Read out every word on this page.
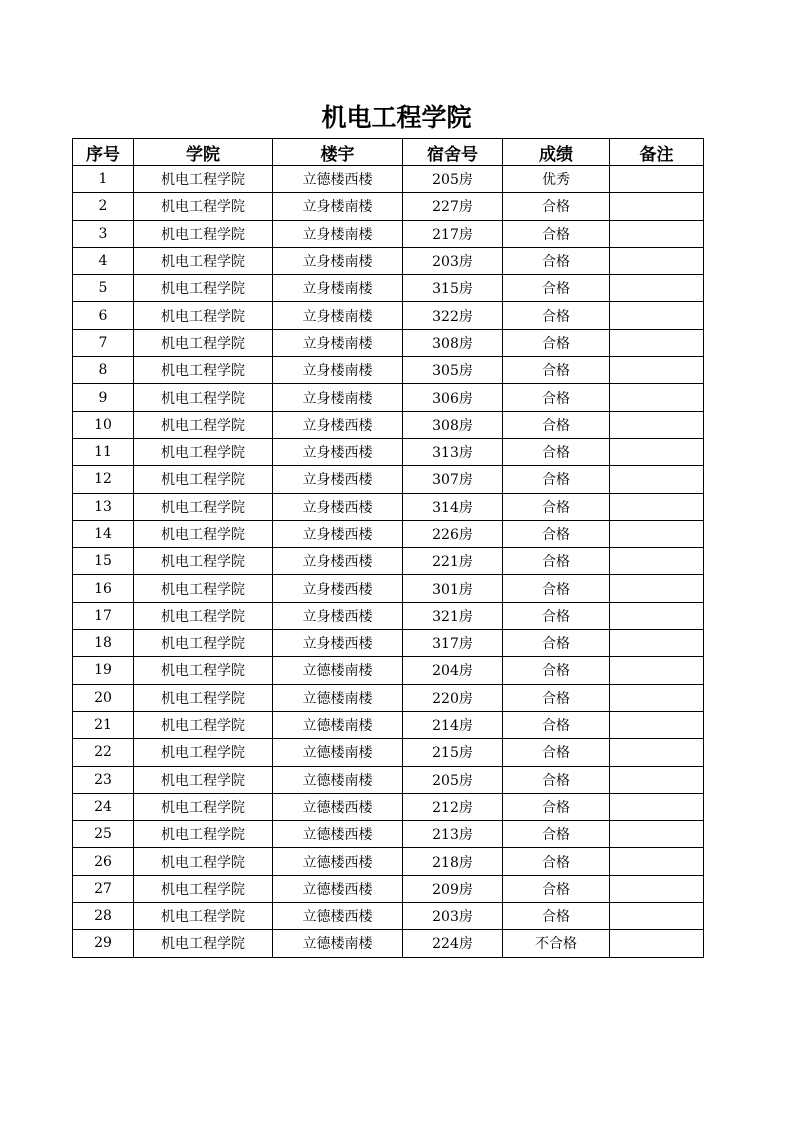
机电工程学院
序号	学院	楼宇	宿舍号	成绩	备注
1	机电工程学院	立德楼西楼	205房	优秀	
2	机电工程学院	立身楼南楼	227房	合格	
3	机电工程学院	立身楼南楼	217房	合格	
4	机电工程学院	立身楼南楼	203房	合格	
5	机电工程学院	立身楼南楼	315房	合格	
6	机电工程学院	立身楼南楼	322房	合格	
7	机电工程学院	立身楼南楼	308房	合格	
8	机电工程学院	立身楼南楼	305房	合格	
9	机电工程学院	立身楼南楼	306房	合格	
10	机电工程学院	立身楼西楼	308房	合格	
11	机电工程学院	立身楼西楼	313房	合格	
12	机电工程学院	立身楼西楼	307房	合格	
13	机电工程学院	立身楼西楼	314房	合格	
14	机电工程学院	立身楼西楼	226房	合格	
15	机电工程学院	立身楼西楼	221房	合格	
16	机电工程学院	立身楼西楼	301房	合格	
17	机电工程学院	立身楼西楼	321房	合格	
18	机电工程学院	立身楼西楼	317房	合格	
19	机电工程学院	立德楼南楼	204房	合格	
20	机电工程学院	立德楼南楼	220房	合格	
21	机电工程学院	立德楼南楼	214房	合格	
22	机电工程学院	立德楼南楼	215房	合格	
23	机电工程学院	立德楼南楼	205房	合格	
24	机电工程学院	立德楼西楼	212房	合格	
25	机电工程学院	立德楼西楼	213房	合格	
26	机电工程学院	立德楼西楼	218房	合格	
27	机电工程学院	立德楼西楼	209房	合格	
28	机电工程学院	立德楼西楼	203房	合格	
29	机电工程学院	立德楼南楼	224房	不合格	
